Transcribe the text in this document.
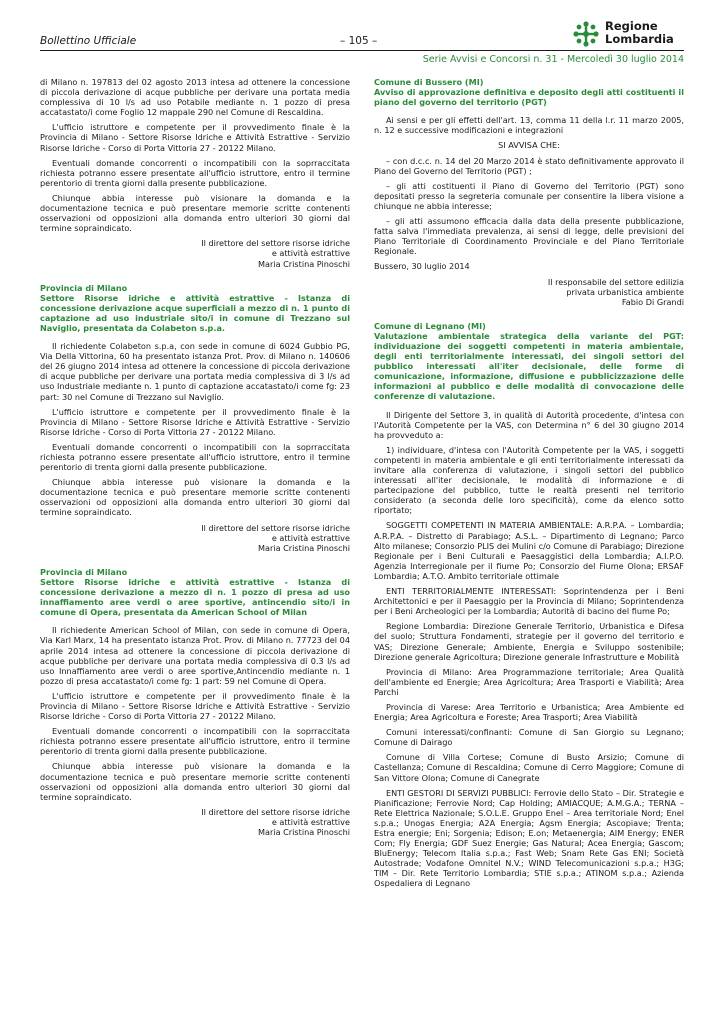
Bollettino Ufficiale	– 105 –
Regione
Lombardia
Serie Avvisi e Concorsi n. 31 - Mercoledì 30 luglio 2014

di Milano n. 197813 del 02 agosto 2013 intesa ad ottenere la concessione di piccola derivazione di acque pubbliche per derivare una portata media complessiva di 10 l/s ad uso Potabile mediante n. 1 pozzo di presa accatastato/i come Foglio 12 mappale 290 nel Comune di Rescaldina.

L'ufficio istruttore e competente per il provvedimento finale è la Provincia di Milano - Settore Risorse Idriche e Attività Estrattive - Servizio Risorse Idriche - Corso di Porta Vittoria 27 - 20122 Milano.

Eventuali domande concorrenti o incompatibili con la soprraccitata richiesta potranno essere presentate all'ufficio istruttore, entro il termine perentorio di trenta giorni dalla presente pubblicazione.

Chiunque abbia interesse può visionare la domanda e la documentazione tecnica e può presentare memorie scritte contenenti osservazioni od opposizioni alla domanda entro ulteriori 30 giorni dal termine sopraindicato.

Il direttore del settore risorse idriche
e attività estrattive
Maria Cristina Pinoschi
Provincia di Milano
Settore Risorse idriche e attività estrattive - Istanza di concessione derivazione acque superficiali a mezzo di n. 1 punto di captazione ad uso industriale sito/i in comune di Trezzano sul Naviglio, presentata da Colabeton s.p.a.

Il richiedente Colabeton s.p.a, con sede in comune di 6024 Gubbio PG, Via Della Vittorina, 60 ha presentato istanza Prot. Prov. di Milano n. 140606 del 26 giugno 2014 intesa ad ottenere la concessione di piccola derivazione di acque pubbliche per derivare una portata media complessiva di 3 l/s ad uso Industriale mediante n. 1 punto di captazione accatastato/i come fg: 23 part: 30 nel Comune di Trezzano sul Naviglio.

L'ufficio istruttore e competente per il provvedimento finale è la Provincia di Milano - Settore Risorse Idriche e Attività Estrattive - Servizio Risorse Idriche - Corso di Porta Vittoria 27 - 20122 Milano.

Eventuali domande concorrenti o incompatibili con la soprraccitata richiesta potranno essere presentate all'ufficio istruttore, entro il termine perentorio di trenta giorni dalla presente pubblicazione.

Chiunque abbia interesse può visionare la domanda e la documentazione tecnica e può presentare memorie scritte contenenti osservazioni od opposizioni alla domanda entro ulteriori 30 giorni dal termine sopraindicato.

Il direttore del settore risorse idriche
e attività estrattive
Maria Cristina Pinoschi
Provincia di Milano
Settore Risorse idriche e attività estrattive - Istanza di concessione derivazione a mezzo di n. 1 pozzo di presa ad uso innaffiamento aree verdi o aree sportive, antincendio sito/i in comune di Opera, presentata da American School of Milan

Il richiedente American School of Milan, con sede in comune di Opera, Via Karl Marx, 14 ha presentato istanza Prot. Prov. di Milano n. 77723 del 04 aprile 2014 intesa ad ottenere la concessione di piccola derivazione di acque pubbliche per derivare una portata media complessiva di 0.3 l/s ad uso Innaffiamento aree verdi o aree sportive,Antincendio mediante n. 1 pozzo di presa accatastato/i come fg: 1 part: 59 nel Comune di Opera.

L'ufficio istruttore e competente per il provvedimento finale è la Provincia di Milano - Settore Risorse Idriche e Attività Estrattive - Servizio Risorse Idriche - Corso di Porta Vittoria 27 - 20122 Milano.

Eventuali domande concorrenti o incompatibili con la soprraccitata richiesta potranno essere presentate all'ufficio istruttore, entro il termine perentorio di trenta giorni dalla presente pubblicazione.

Chiunque abbia interesse può visionare la domanda e la documentazione tecnica e può presentare memorie scritte contenenti osservazioni od opposizioni alla domanda entro ulteriori 30 giorni dal termine sopraindicato.

Il direttore del settore risorse idriche
e attività estrattive
Maria Cristina Pinoschi
Comune di Bussero (MI)
Avviso di approvazione definitiva e deposito degli atti costituenti il piano del governo del territorio (PGT)

Ai sensi e per gli effetti dell'art. 13, comma 11 della l.r. 11 marzo 2005, n. 12 e successive modificazioni e integrazioni

SI AVVISA CHE:

– con d.c.c. n. 14 del 20 Marzo 2014 è stato definitivamente approvato il Piano del Governo del Territorio (PGT) ;

– gli atti costituenti il Piano di Governo del Territorio (PGT) sono depositati presso la segreteria comunale per consentire la libera visione a chiunque ne abbia interesse;

– gli atti assumono efficacia dalla data della presente pubblicazione, fatta salva l'immediata prevalenza, ai sensi di legge, delle previsioni del Piano Territoriale di Coordinamento Provinciale e del Piano Territoriale Regionale.

Bussero, 30 luglio 2014

Il responsabile del settore edilizia
privata urbanistica ambiente
Fabio Di Grandi
Comune di Legnano (MI)
Valutazione ambientale strategica della variante del PGT: individuazione dei soggetti competenti in materia ambientale, degli enti territorialmente interessati, dei singoli settori del pubblico interessati all'iter decisionale, delle forme di comunicazione, informazione, diffusione e pubblicizzazione delle informazioni al pubblico e delle modalità di convocazione delle conferenze di valutazione.

Il Dirigente del Settore 3, in qualità di Autorità procedente, d'intesa con l'Autorità Competente per la VAS, con Determina n° 6 del 30 giugno 2014 ha provveduto a:

1) individuare, d'intesa con l'Autorità Competente per la VAS, i soggetti competenti in materia ambientale e gli enti territorialmente interessati da invitare alla conferenza di valutazione, i singoli settori del pubblico interessati all'iter decisionale, le modalità di informazione e di partecipazione del pubblico, tutte le realtà presenti nel territorio considerato (a seconda delle loro specificità), come da elenco sotto riportato;

SOGGETTI COMPETENTI IN MATERIA AMBIENTALE: A.R.P.A. – Lombardia; A.R.P.A. – Distretto di Parabiago; A.S.L. – Dipartimento di Legnano; Parco Alto milanese; Consorzio PLIS dei Mulini c/o Comune di Parabiago; Direzione Regionale per i Beni Culturali e Paesaggistici della Lombardia; A.I.P.O. Agenzia Interregionale per il fiume Po; Consorzio del Fiume Olona; ERSAF Lombardia; A.T.O. Ambito territoriale ottimale

ENTI TERRITORIALMENTE INTERESSATI: Soprintendenza per i Beni Architettonici e per il Paesaggio per la Provincia di Milano; Soprintendenza per i Beni Archeologici per la Lombardia; Autorità di bacino del fiume Po;

Regione Lombardia: Direzione Generale Territorio, Urbanistica e Difesa del suolo; Struttura Fondamenti, strategie per il governo del territorio e VAS; Direzione Generale; Ambiente, Energia e Sviluppo sostenibile; Direzione generale Agricoltura; Direzione generale Infrastrutture e Mobilità

Provincia di Milano: Area Programmazione territoriale; Area Qualità dell'ambiente ed Energie; Area Agricoltura; Area Trasporti e Viabilità; Area Parchi

Provincia di Varese: Area Territorio e Urbanistica; Area Ambiente ed Energia; Area Agricoltura e Foreste; Area Trasporti; Area Viabilità

Comuni interessati/confinanti: Comune di San Giorgio su Legnano; Comune di Dairago

Comune di Villa Cortese; Comune di Busto Arsizio; Comune di Castellanza; Comune di Rescaldina; Comune di Cerro Maggiore; Comune di San Vittore Olona; Comune di Canegrate

ENTI GESTORI DI SERVIZI PUBBLICI: Ferrovie dello Stato – Dir. Strategie e Pianificazione; Ferrovie Nord; Cap Holding; AMIACQUE; A.M.G.A.; TERNA – Rete Elettrica Nazionale; S.O.L.E. Gruppo Enel – Area territoriale Nord; Enel s.p.a.; Unogas Energia; A2A Energia; Agsm Energia; Ascopiave; Trenta; Estra energie; Eni; Sorgenia; Edison; E.on; Metaenergia; AIM Energy; ENER Com; Fly Energia; GDF Suez Energie; Gas Natural; Acea Energia; Gascom; BluEnergy; Telecom Italia s.p.a.; Fast Web; Snam Rete Gas ENI; Società Autostrade; Vodafone Omnitel N.V.; WIND Telecomunicazioni s.p.a.; H3G; TIM – Dir. Rete Territorio Lombardia; STIE s.p.a.; ATINOM s.p.a.; Azienda Ospedaliera di Legnano
